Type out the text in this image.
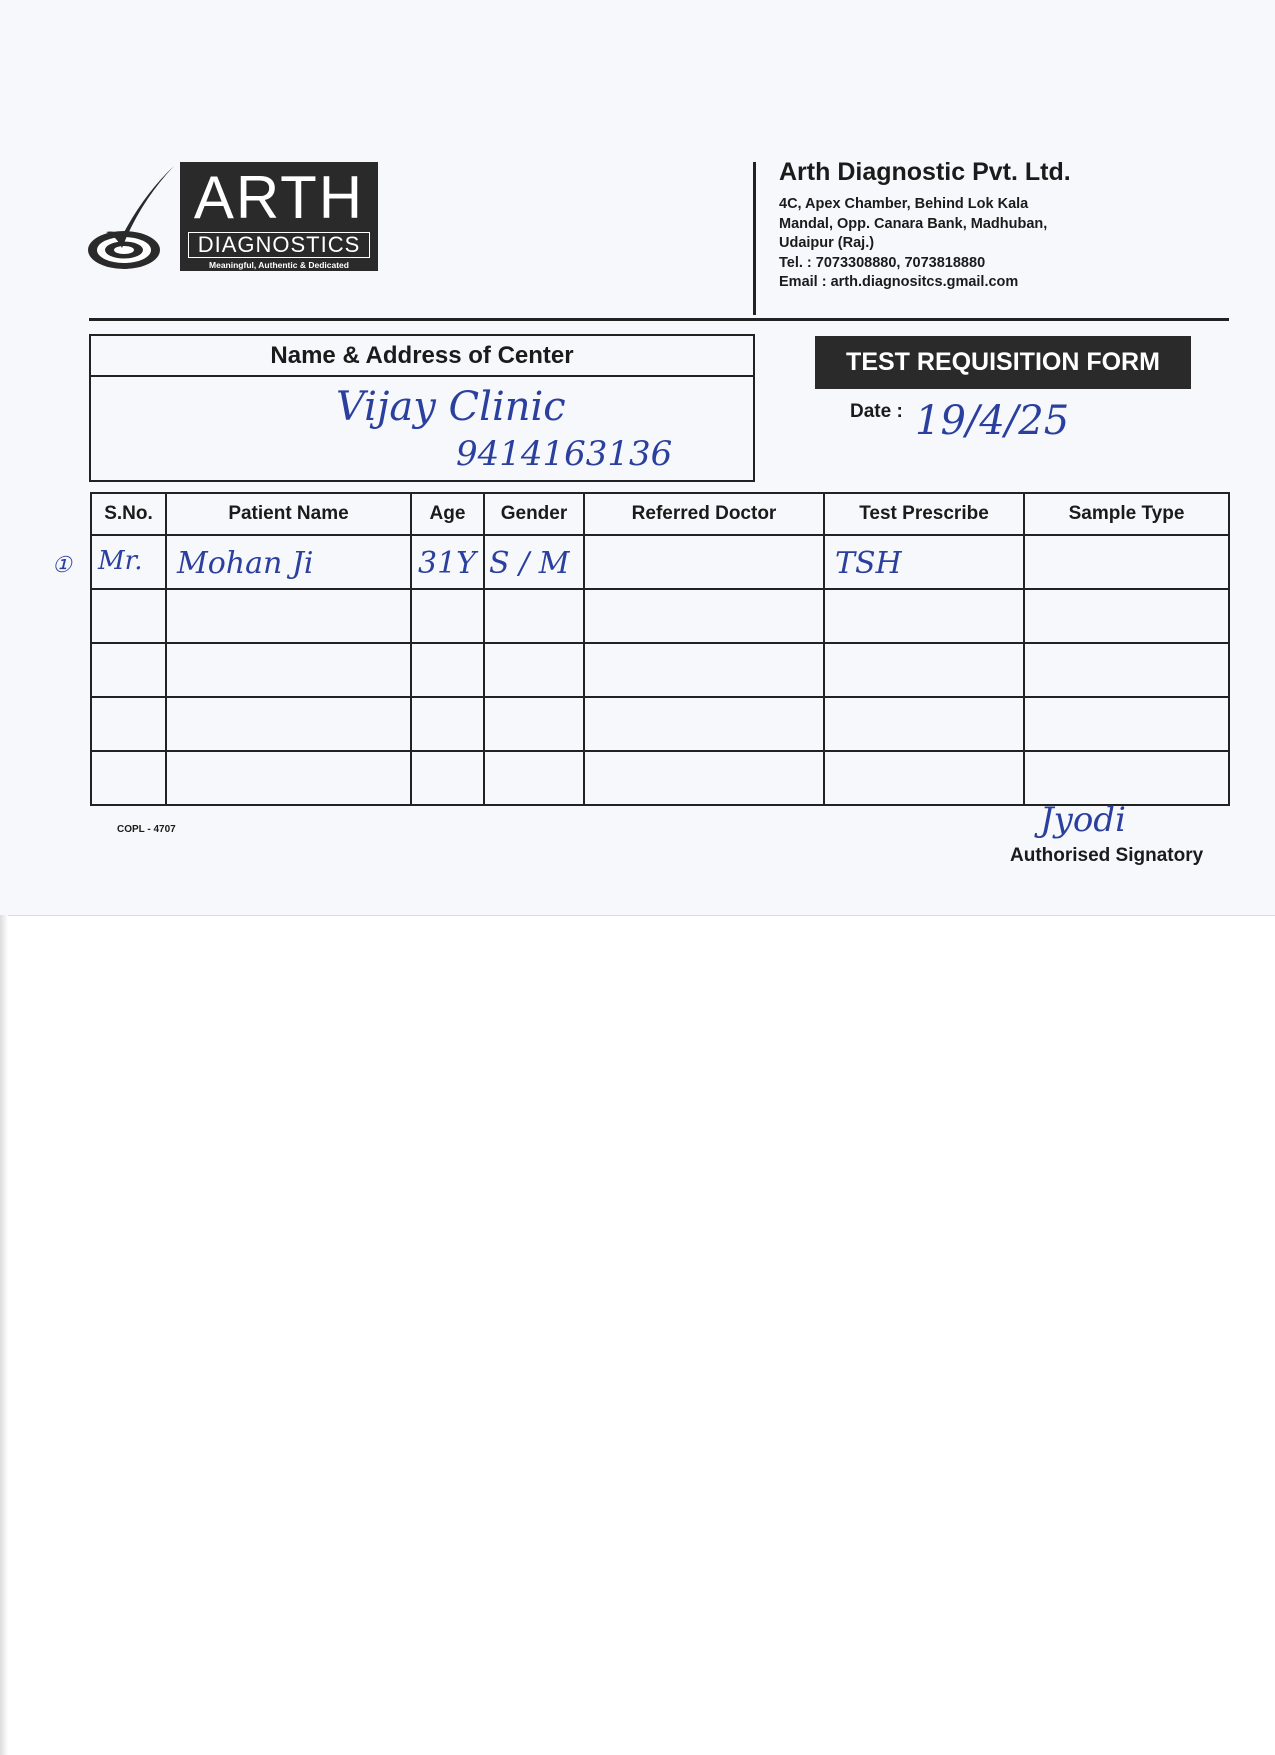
ARTH
DIAGNOSTICS
Meaningful, Authentic & Dedicated

Arth Diagnostic Pvt. Ltd.

4C, Apex Chamber, Behind Lok Kala

Mandal, Opp. Canara Bank, Madhuban,

Udaipur (Raj.)

Tel. : 7073308880, 7073818880

Email : arth.diagnositcs.gmail.com

Name & Address of Center
Vijay Clinic
9414163136
TEST REQUISITION FORM
Date : 19/4/25
①
S.No.	Patient Name	Age	Gender	Referred Doctor	Test Prescribe	Sample Type

Mr.	Mohan Ji	31Y	S / M		TSH	

COPL - 4707	Jyodi
Authorised Signatory
